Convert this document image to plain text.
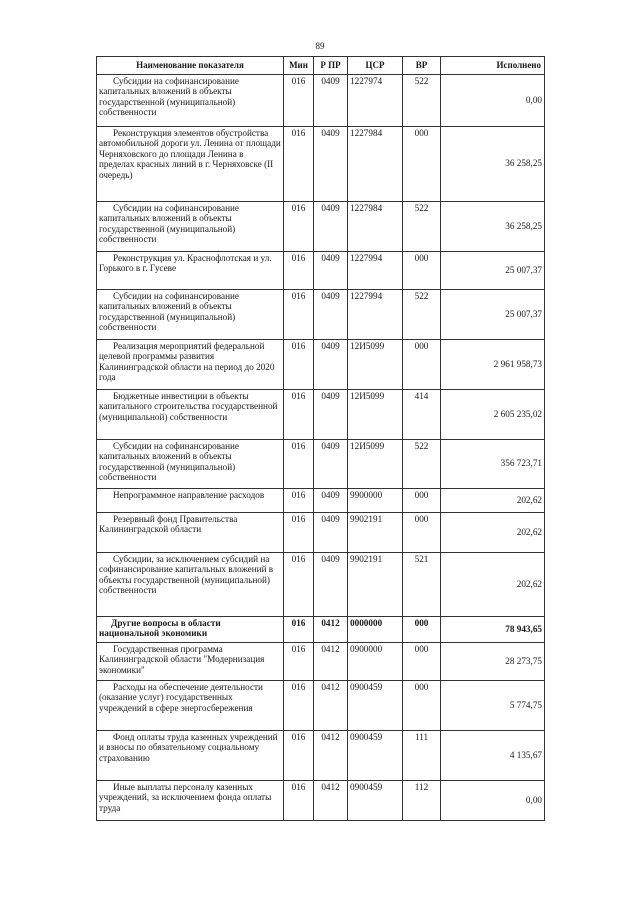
89
Наименование показателя	Мин	Р ПР	ЦСР	ВР	Исполнено
Субсидии на софинансирование капитальных вложений в объекты государственной (муниципальной) собственности	016	0409	1227974	522	0,00
Реконструкция элементов обустройства автомобильной дороги ул. Ленина от площади Черняховского до площади Ленина в пределах красных линий в г. Черняховске (II очередь)	016	0409	1227984	000	36 258,25
Субсидии на софинансирование капитальных вложений в объекты государственной (муниципальной) собственности	016	0409	1227984	522	36 258,25
Реконструкция ул. Краснофлотская и ул. Горького в г. Гусеве	016	0409	1227994	000	25 007,37
Субсидии на софинансирование капитальных вложений в объекты государственной (муниципальной) собственности	016	0409	1227994	522	25 007,37
Реализация мероприятий федеральной целевой программы развития Калининградской области на период до 2020 года	016	0409	12И5099	000	2 961 958,73
Бюджетные инвестиции в объекты капитального строительства государственной (муниципальной) собственности	016	0409	12И5099	414	2 605 235,02
Субсидии на софинансирование капитальных вложений в объекты государственной (муниципальной) собственности	016	0409	12И5099	522	356 723,71
Непрограммное направление расходов	016	0409	9900000	000	202,62
Резервный фонд Правительства Калининградской области	016	0409	9902191	000	202,62
Субсидии, за исключением субсидий на софинансирование капитальных вложений в объекты государственной (муниципальной) собственности	016	0409	9902191	521	202,62
Другие вопросы в области национальной экономики	016	0412	0000000	000	78 943,65
Государственная программа Калининградской области "Модернизация экономики"	016	0412	0900000	000	28 273,75
Расходы на обеспечение деятельности (оказание услуг) государственных учреждений в сфере энергосбережения	016	0412	0900459	000	5 774,75
Фонд оплаты труда казенных учреждений и взносы по обязательному социальному страхованию	016	0412	0900459	111	4 135,67
Иные выплаты персоналу казенных учреждений, за исключением фонда оплаты труда	016	0412	0900459	112	0,00
